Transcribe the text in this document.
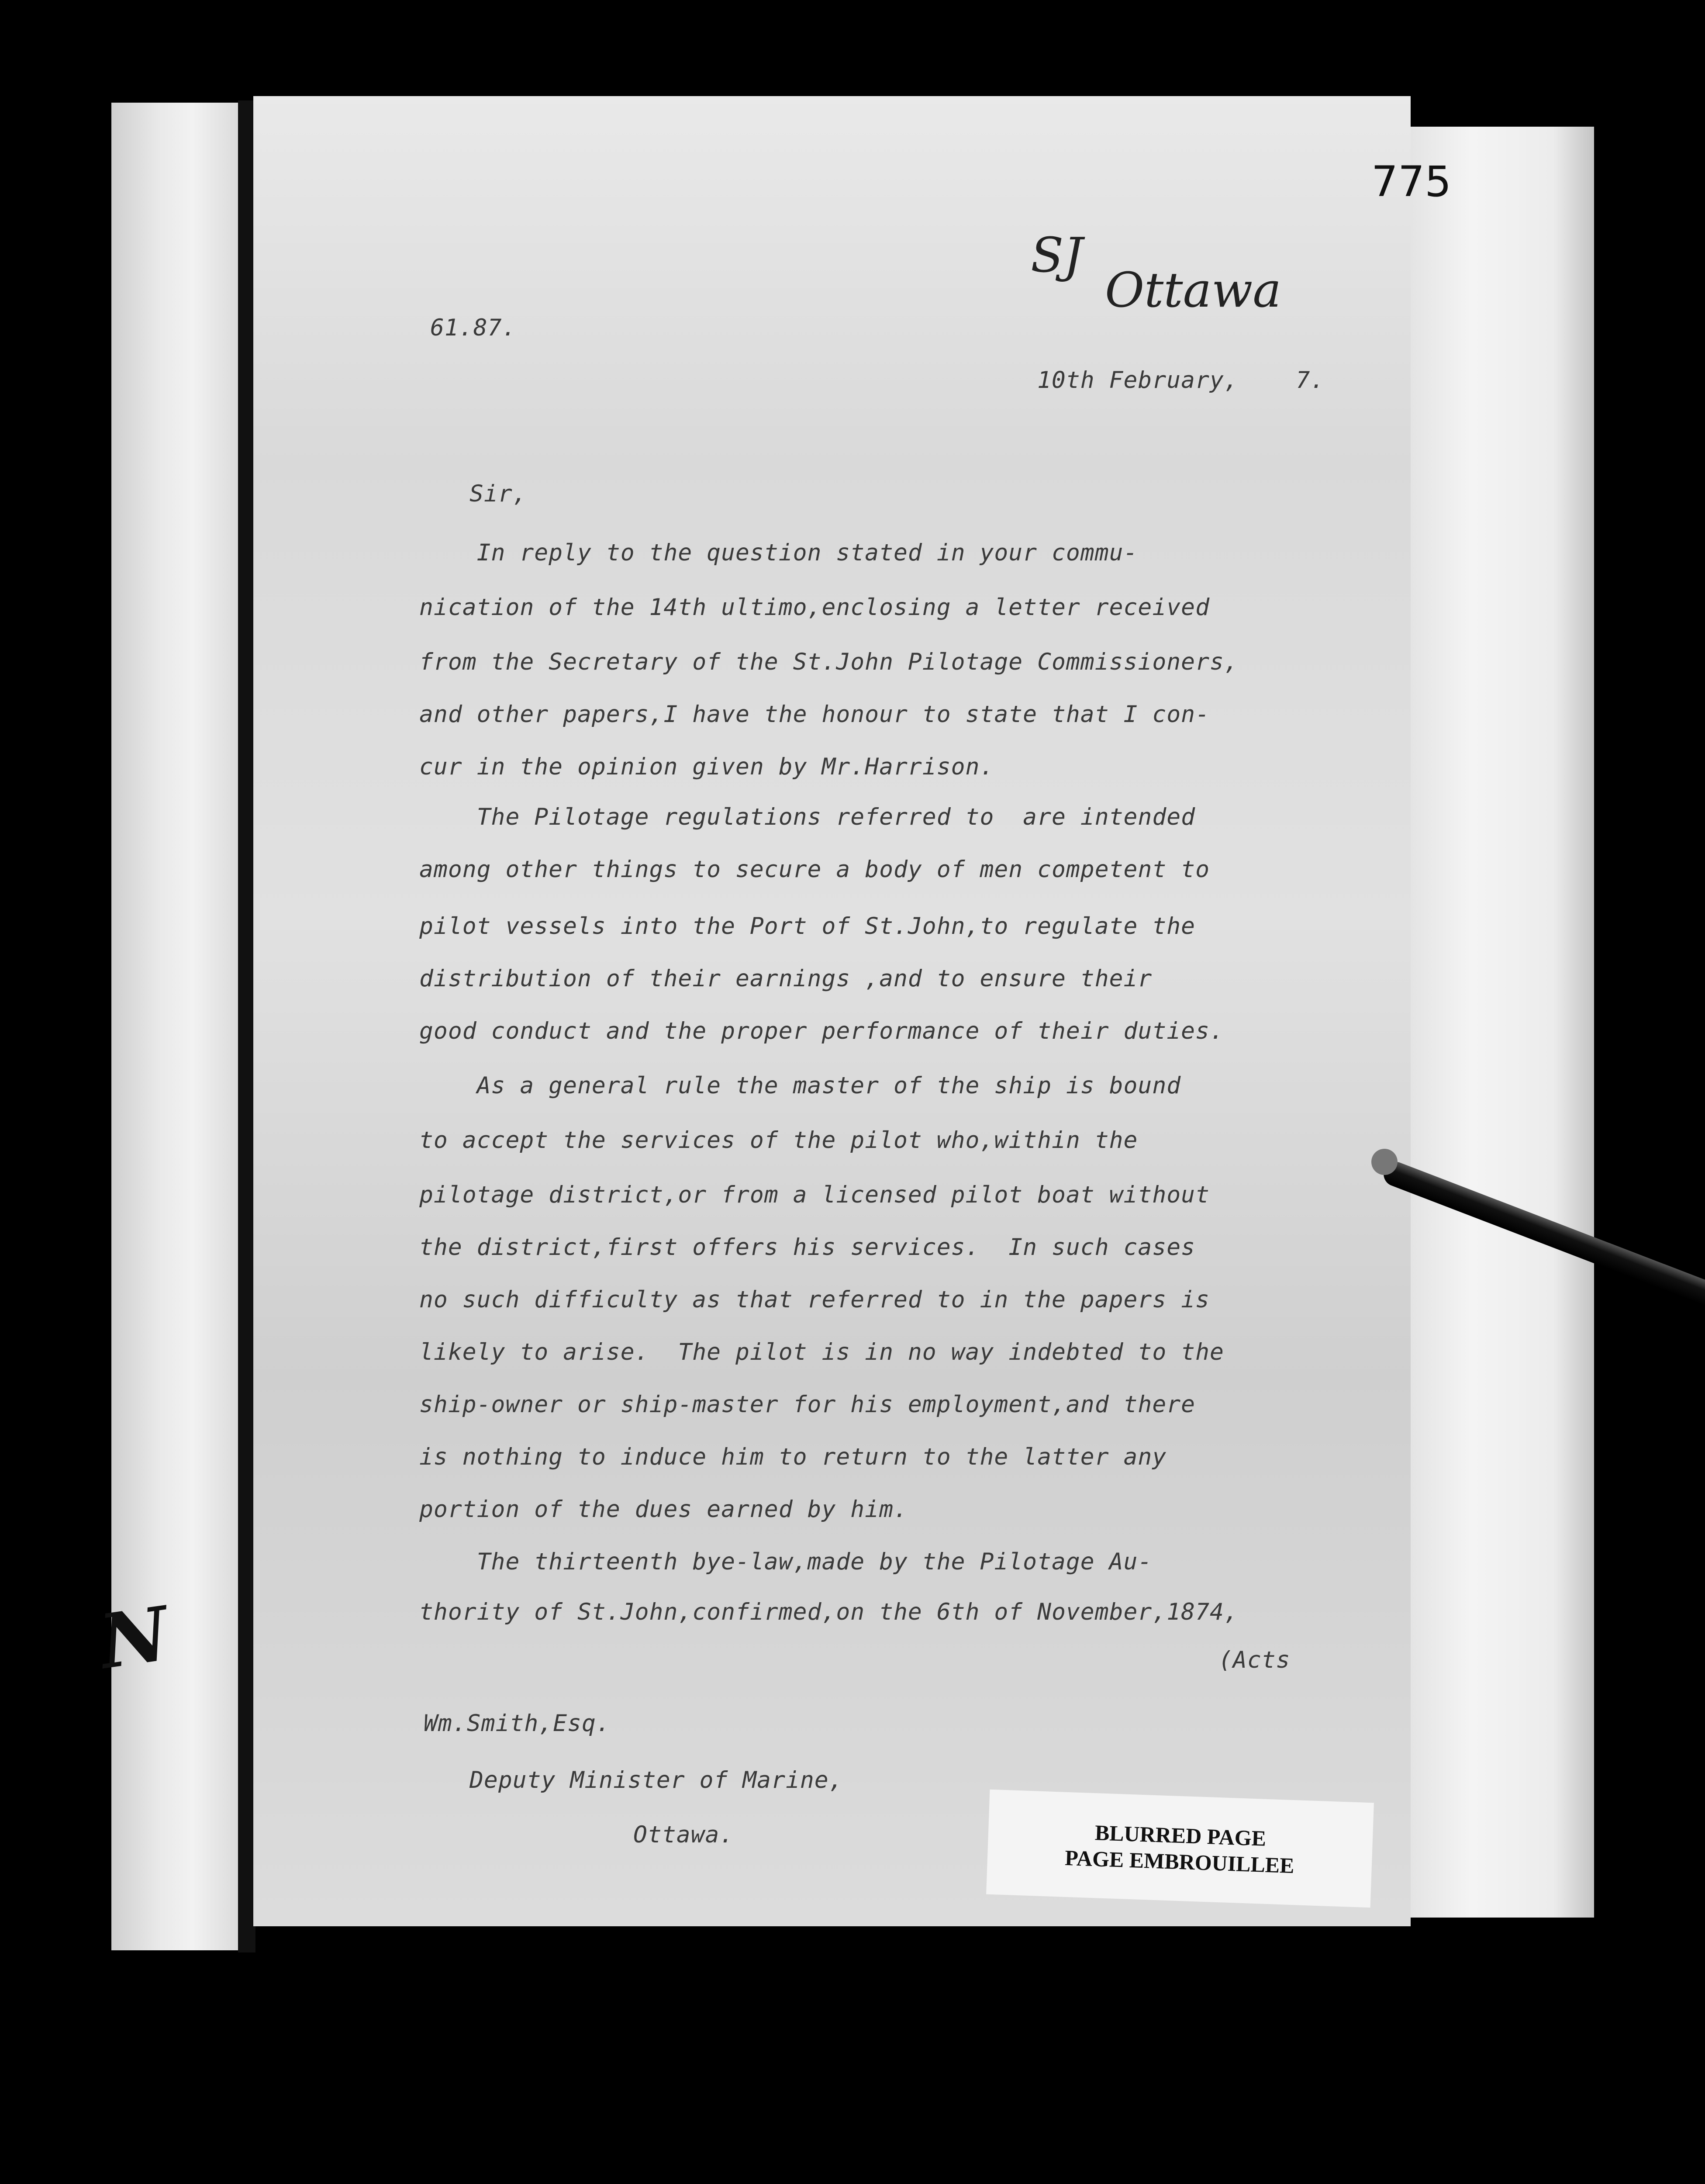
N
775
SJ
Ottawa
61.87.
10th February,    7.
Sir,
In reply to the question stated in your commu-
nication of the 14th ultimo,enclosing a letter received
from the Secretary of the St.John Pilotage Commissioners,
and other papers,I have the honour to state that I con-
cur in the opinion given by Mr.Harrison.
The Pilotage regulations referred to  are intended
among other things to secure a body of men competent to
pilot vessels into the Port of St.John,to regulate the
distribution of their earnings ,and to ensure their
good conduct and the proper performance of their duties.
As a general rule the master of the ship is bound
to accept the services of the pilot who,within the
pilotage district,or from a licensed pilot boat without
the district,first offers his services.  In such cases
no such difficulty as that referred to in the papers is
likely to arise.  The pilot is in no way indebted to the
ship-owner or ship-master for his employment,and there
is nothing to induce him to return to the latter any
portion of the dues earned by him.
The thirteenth bye-law,made by the Pilotage Au-
thority of St.John,confirmed,on the 6th of November,1874,
(Acts
Wm.Smith,Esq.
Deputy Minister of Marine,
Ottawa.	BLURRED PAGE
PAGE EMBROUILLEE
